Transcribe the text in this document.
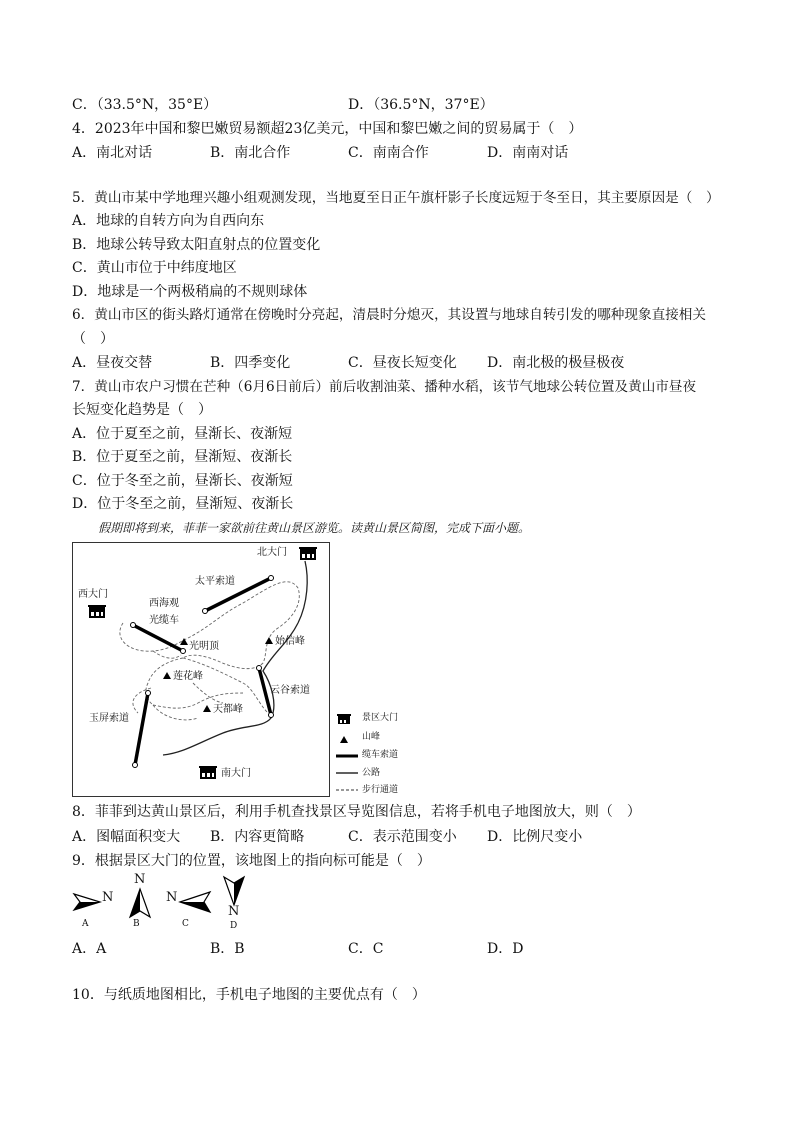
C．（33.5°N，35°E）	D．（36.5°N，37°E）
4．2023年中国和黎巴嫩贸易额超23亿美元，中国和黎巴嫩之间的贸易属于（　）
A．南北对话	B．南北合作	C．南南合作	D．南南对话
5．黄山市某中学地理兴趣小组观测发现，当地夏至日正午旗杆影子长度远短于冬至日，其主要原因是（　）
A．地球的自转方向为自西向东
B．地球公转导致太阳直射点的位置变化
C．黄山市位于中纬度地区
D．地球是一个两极稍扁的不规则球体
6．黄山市区的街头路灯通常在傍晚时分亮起，清晨时分熄灭，其设置与地球自转引发的哪种现象直接相关
（　）
A．昼夜交替	B．四季变化	C．昼夜长短变化 D．南北极的极昼极夜
7．黄山市农户习惯在芒种（6月6日前后）前后收割油菜、播种水稻，该节气地球公转位置及黄山市昼夜
长短变化趋势是（　）
A．位于夏至之前，昼渐长、夜渐短
B．位于夏至之前，昼渐短、夜渐长
C．位于冬至之前，昼渐长、夜渐短
D．位于冬至之前，昼渐短、夜渐长
假期即将到来，菲菲一家欲前往黄山景区游览。读黄山景区简图，完成下面小题。
北大门
西大门
南大门
太平索道
西海观
光缆车
光明顶	始信峰
莲花峰
云谷索道
天都峰
玉屏索道	景区大门
山峰
缆车索道
公路
步行通道
8．菲菲到达黄山景区后，利用手机查找景区导览图信息，若将手机电子地图放大，则（　）
A．图幅面积变大 B．内容更简略	C．表示范围变小 D．比例尺变小
9．根据景区大门的位置，该地图上的指向标可能是（　）
N
A
N
B
N
C
N
D
A．A	B．B	C．C	D．D
10．与纸质地图相比，手机电子地图的主要优点有（　）
